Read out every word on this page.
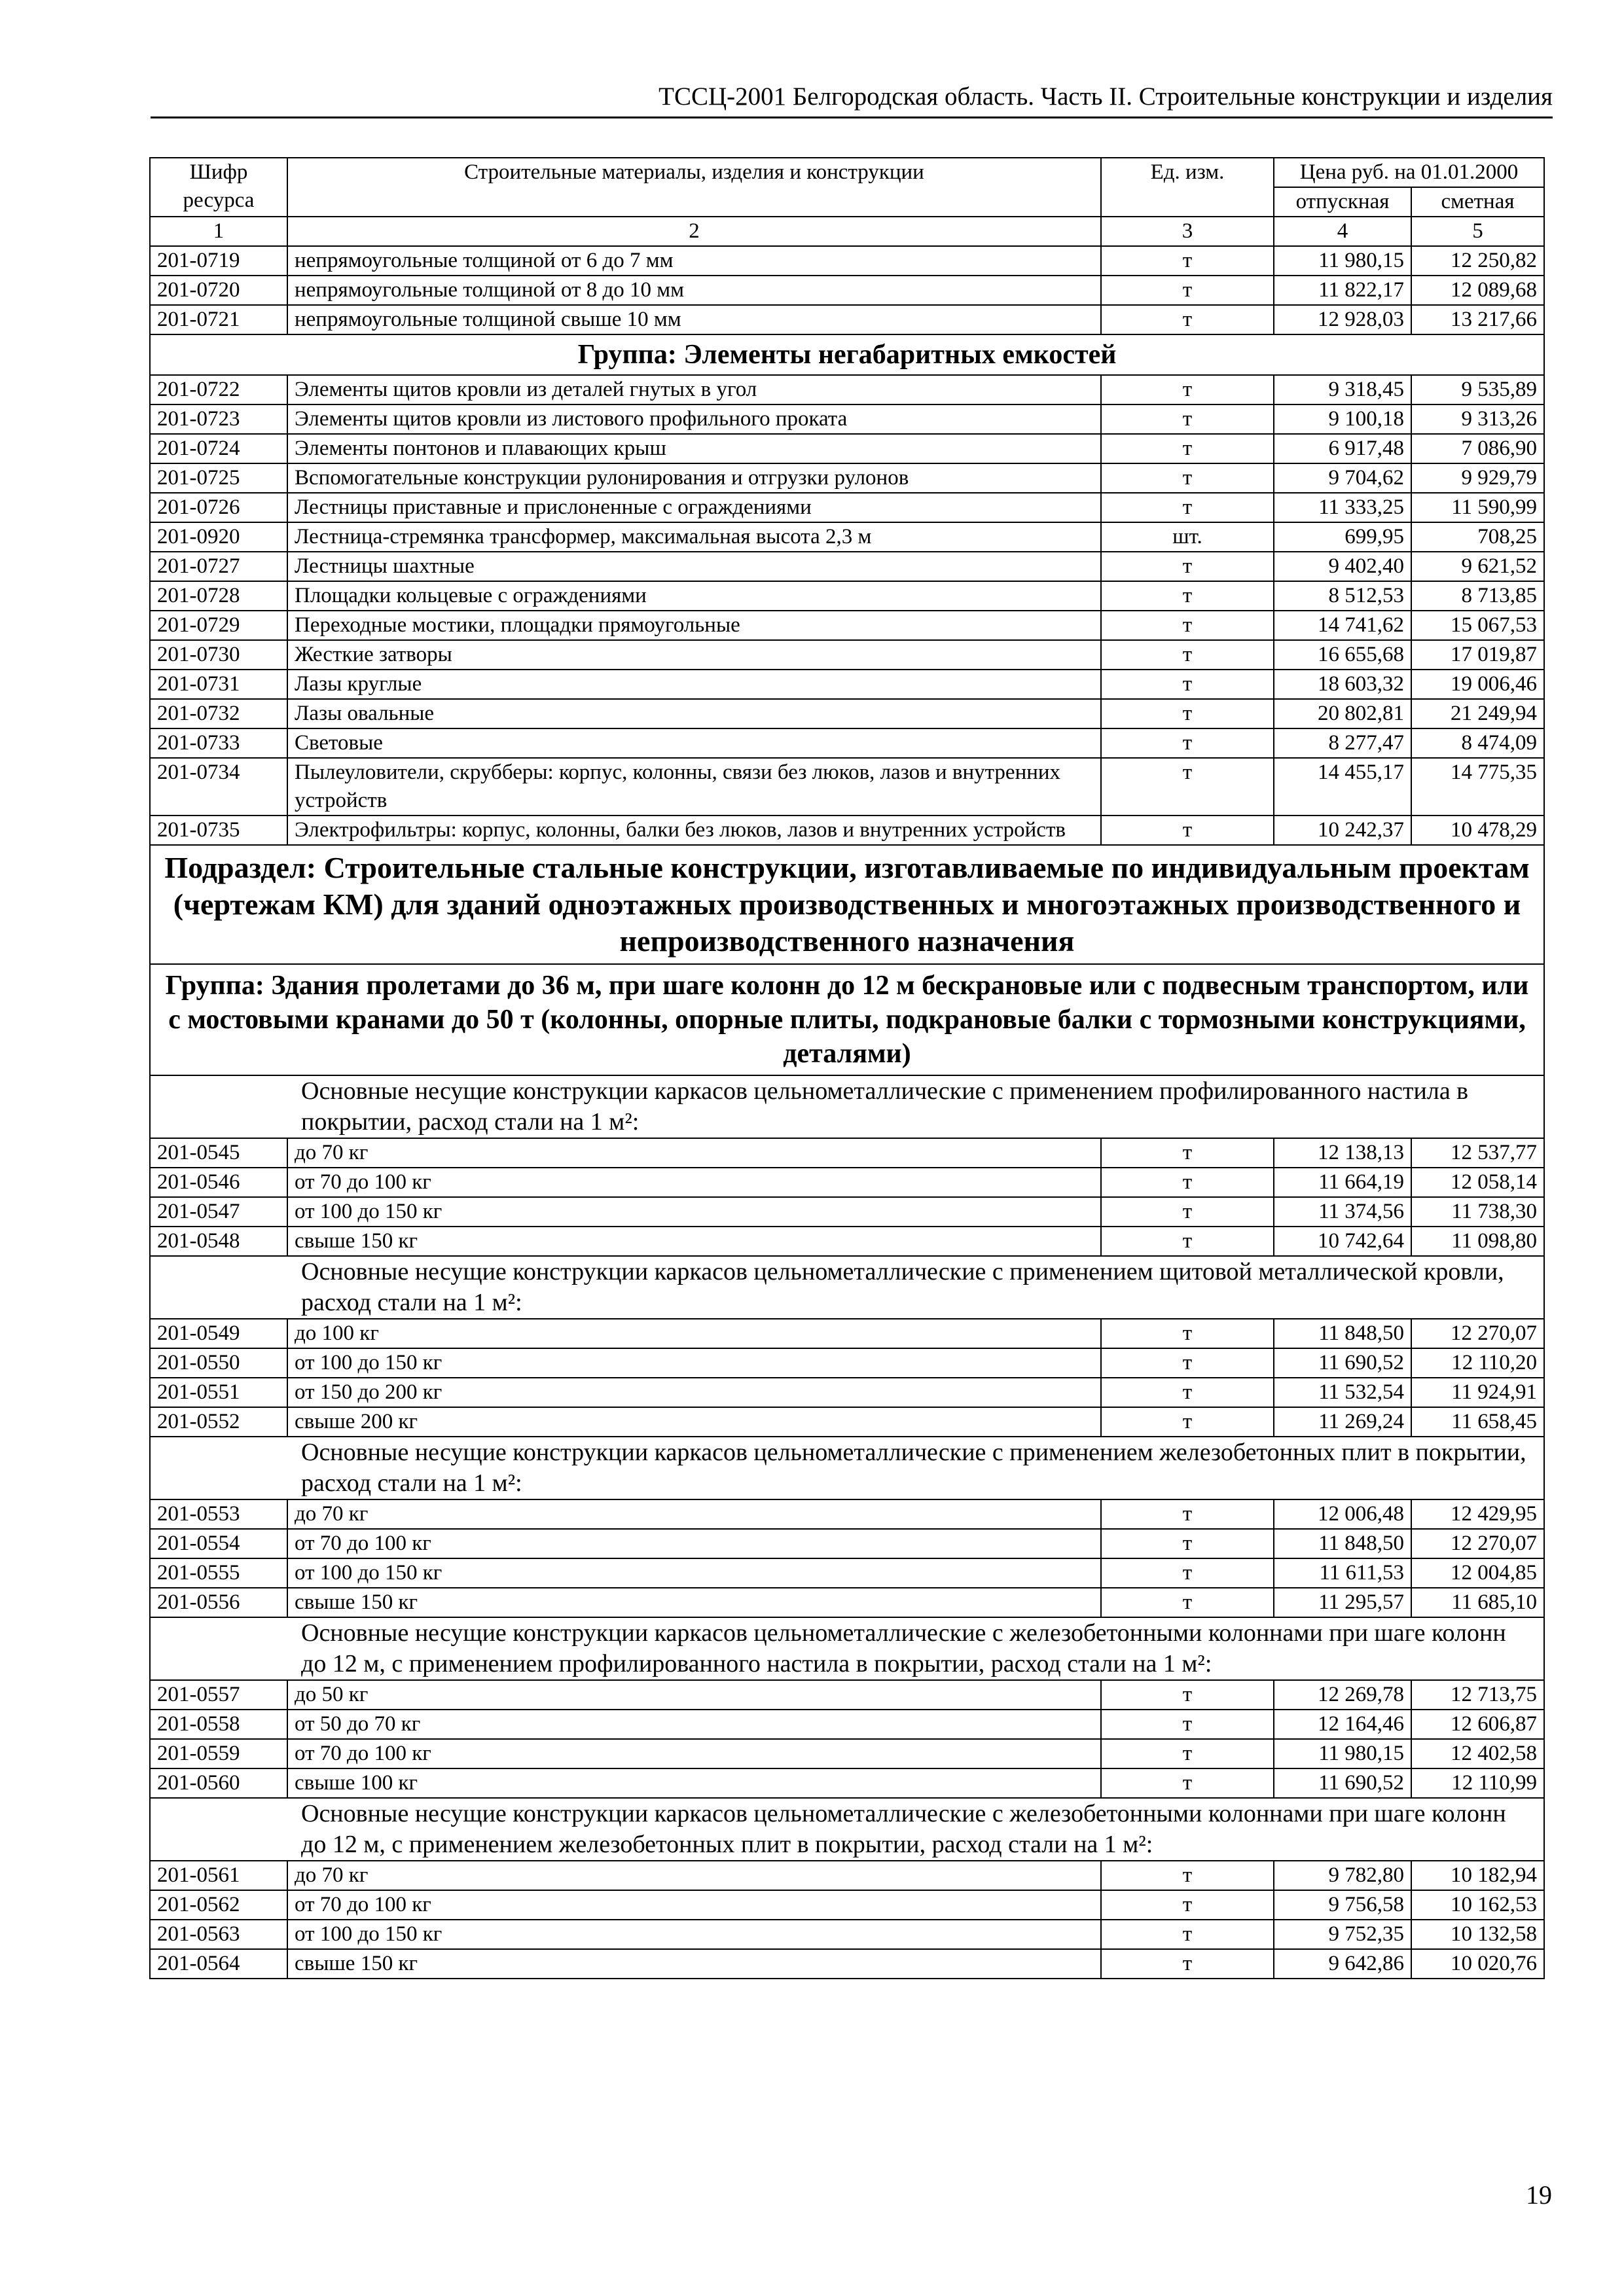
ТССЦ-2001 Белгородская область. Часть II. Строительные конструкции и изделия
Шифр ресурса	Строительные материалы, изделия и конструкции	Ед. изм.	Цена руб. на 01.01.2000	
			отпускная	сметная
1	2	3	4	5
201-0719	непрямоугольные толщиной от 6 до 7 мм	т	11 980,15	12 250,82
201-0720	непрямоугольные толщиной от 8 до 10 мм	т	11 822,17	12 089,68
201-0721	непрямоугольные толщиной свыше 10 мм	т	12 928,03	13 217,66
Группа: Элементы негабаритных емкостей				
201-0722	Элементы щитов кровли из деталей гнутых в угол	т	9 318,45	9 535,89
201-0723	Элементы щитов кровли из листового профильного проката	т	9 100,18	9 313,26
201-0724	Элементы понтонов и плавающих крыш	т	6 917,48	7 086,90
201-0725	Вспомогательные конструкции рулонирования и отгрузки рулонов	т	9 704,62	9 929,79
201-0726	Лестницы приставные и прислоненные с ограждениями	т	11 333,25	11 590,99
201-0920	Лестница-стремянка трансформер, максимальная высота 2,3 м	шт.	699,95	708,25
201-0727	Лестницы шахтные	т	9 402,40	9 621,52
201-0728	Площадки кольцевые с ограждениями	т	8 512,53	8 713,85
201-0729	Переходные мостики, площадки прямоугольные	т	14 741,62	15 067,53
201-0730	Жесткие затворы	т	16 655,68	17 019,87
201-0731	Лазы круглые	т	18 603,32	19 006,46
201-0732	Лазы овальные	т	20 802,81	21 249,94
201-0733	Световые	т	8 277,47	8 474,09
201-0734	Пылеуловители, скрубберы: корпус, колонны, связи без люков, лазов и внутренних устройств	т	14 455,17	14 775,35
201-0735	Электрофильтры: корпус, колонны, балки без люков, лазов и внутренних устройств	т	10 242,37	10 478,29
Подраздел: Строительные стальные конструкции, изготавливаемые по индивидуальным проектам (чертежам КМ) для зданий одноэтажных производственных и многоэтажных производственного и непроизводственного назначения				
Группа: Здания пролетами до 36 м, при шаге колонн до 12 м бескрановые или с подвесным транспортом, или с мостовыми кранами до 50 т (колонны, опорные плиты, подкрановые балки с тормозными конструкциями, деталями)				
Основные несущие конструкции каркасов цельнометаллические с применением профилированного настила в покрытии, расход стали на 1 м²:				
201-0545	до 70 кг	т	12 138,13	12 537,77
201-0546	от 70 до 100 кг	т	11 664,19	12 058,14
201-0547	от 100 до 150 кг	т	11 374,56	11 738,30
201-0548	свыше 150 кг	т	10 742,64	11 098,80
Основные несущие конструкции каркасов цельнометаллические с применением щитовой металлической кровли, расход стали на 1 м²:				
201-0549	до 100 кг	т	11 848,50	12 270,07
201-0550	от 100 до 150 кг	т	11 690,52	12 110,20
201-0551	от 150 до 200 кг	т	11 532,54	11 924,91
201-0552	свыше 200 кг	т	11 269,24	11 658,45
Основные несущие конструкции каркасов цельнометаллические с применением железобетонных плит в покрытии, расход стали на 1 м²:				
201-0553	до 70 кг	т	12 006,48	12 429,95
201-0554	от 70 до 100 кг	т	11 848,50	12 270,07
201-0555	от 100 до 150 кг	т	11 611,53	12 004,85
201-0556	свыше 150 кг	т	11 295,57	11 685,10
Основные несущие конструкции каркасов цельнометаллические с железобетонными колоннами при шаге колонн до 12 м, с применением профилированного настила в покрытии, расход стали на 1 м²:				
201-0557	до 50 кг	т	12 269,78	12 713,75
201-0558	от 50 до 70 кг	т	12 164,46	12 606,87
201-0559	от 70 до 100 кг	т	11 980,15	12 402,58
201-0560	свыше 100 кг	т	11 690,52	12 110,99
Основные несущие конструкции каркасов цельнометаллические с железобетонными колоннами при шаге колонн до 12 м, с применением железобетонных плит в покрытии, расход стали на 1 м²:				
201-0561	до 70 кг	т	9 782,80	10 182,94
201-0562	от 70 до 100 кг	т	9 756,58	10 162,53
201-0563	от 100 до 150 кг	т	9 752,35	10 132,58
201-0564	свыше 150 кг	т	9 642,86	10 020,76
19
